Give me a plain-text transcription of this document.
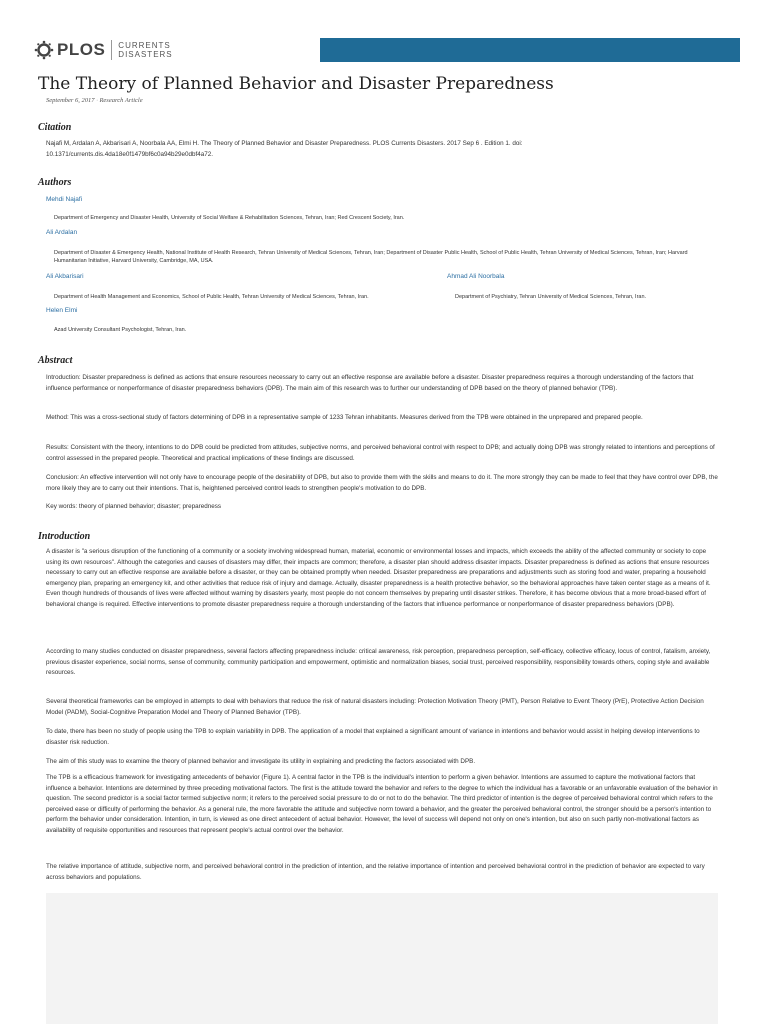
PLOS CURRENTS
DISASTERS
The Theory of Planned Behavior and Disaster Preparedness
September 6, 2017 · Research Article
Citation
Najafi M, Ardalan A, Akbarisari A, Noorbala AA, Elmi H. The Theory of Planned Behavior and Disaster Preparedness. PLOS Currents Disasters. 2017 Sep 6 . Edition 1. doi:
10.1371/currents.dis.4da18e0f1479bf6c0a94b29e0dbf4a72.
Authors
Mehdi Najafi
Department of Emergency and Disaster Health, University of Social Welfare & Rehabilitation Sciences, Tehran, Iran; Red Crescent Society, Iran.
Ali Ardalan
Department of Disaster & Emergency Health, National Institute of Health Research, Tehran University of Medical Sciences, Tehran, Iran; Department of Disaster Public Health, School of Public Health, Tehran University of Medical Sciences, Tehran, Iran; Harvard Humanitarian Initiative, Harvard University, Cambridge, MA, USA.
Ali Akbarisari
Department of Health Management and Economics, School of Public Health, Tehran University of Medical Sciences, Tehran, Iran.
Ahmad Ali Noorbala
Department of Psychiatry, Tehran University of Medical Sciences, Tehran, Iran.
Helen Elmi
Azad University Consultant Psychologist, Tehran, Iran.
Abstract

Introduction: Disaster preparedness is defined as actions that ensure resources necessary to carry out an effective response are available before a disaster. Disaster preparedness requires a thorough understanding of the factors that influence performance or nonperformance of disaster preparedness behaviors (DPB). The main aim of this research was to further our understanding of DPB based on the theory of planned behavior (TPB).

Method: This was a cross-sectional study of factors determining of DPB in a representative sample of 1233 Tehran inhabitants. Measures derived from the TPB were obtained in the unprepared and prepared people.

Results: Consistent with the theory, intentions to do DPB could be predicted from attitudes, subjective norms, and perceived behavioral control with respect to DPB; and actually doing DPB was strongly related to intentions and perceptions of control assessed in the prepared people. Theoretical and practical implications of these findings are discussed.

Conclusion: An effective intervention will not only have to encourage people of the desirability of DPB, but also to provide them with the skills and means to do it. The more strongly they can be made to feel that they have control over DPB, the more likely they are to carry out their intentions. That is, heightened perceived control leads to strengthen people's motivation to do DPB.

Key words: theory of planned behavior; disaster; preparedness

Introduction

A disaster is "a serious disruption of the functioning of a community or a society involving widespread human, material, economic or environmental losses and impacts, which exceeds the ability of the affected community or society to cope using its own resources". Although the categories and causes of disasters may differ, their impacts are common; therefore, a disaster plan should address disaster impacts. Disaster preparedness is defined as actions that ensure resources necessary to carry out an effective response are available before a disaster, or they can be obtained promptly when needed. Disaster preparedness are preparations and adjustments such as storing food and water, preparing a household emergency plan, preparing an emergency kit, and other activities that reduce risk of injury and damage. Actually, disaster preparedness is a health protective behavior, so the behavioral approaches have taken center stage as a means of it. Even though hundreds of thousands of lives were affected without warning by disasters yearly, most people do not concern themselves by preparing until disaster strikes. Therefore, it has become obvious that a more broad-based effort of behavioral change is required. Effective interventions to promote disaster preparedness require a thorough understanding of the factors that influence performance or nonperformance of disaster preparedness behaviors (DPB).

According to many studies conducted on disaster preparedness, several factors affecting preparedness include: critical awareness, risk perception, preparedness perception, self-efficacy, collective efficacy, locus of control, fatalism, anxiety, previous disaster experience, social norms, sense of community, community participation and empowerment, optimistic and normalization biases, social trust, perceived responsibility, responsibility towards others, coping style and available resources.

Several theoretical frameworks can be employed in attempts to deal with behaviors that reduce the risk of natural disasters including: Protection Motivation Theory (PMT), Person Relative to Event Theory (PrE), Protective Action Decision Model (PADM), Social-Cognitive Preparation Model and Theory of Planned Behavior (TPB).

To date, there has been no study of people using the TPB to explain variability in DPB. The application of a model that explained a significant amount of variance in intentions and behavior would assist in helping develop interventions to disaster risk reduction.

The aim of this study was to examine the theory of planned behavior and investigate its utility in explaining and predicting the factors associated with DPB.

The TPB is a efficacious framework for investigating antecedents of behavior (Figure 1). A central factor in the TPB is the individual's intention to perform a given behavior. Intentions are assumed to capture the motivational factors that influence a behavior. Intentions are determined by three preceding motivational factors. The first is the attitude toward the behavior and refers to the degree to which the individual has a favorable or an unfavorable evaluation of the behavior in question. The second predictor is a social factor termed subjective norm; it refers to the perceived social pressure to do or not to do the behavior. The third predictor of intention is the degree of perceived behavioral control which refers to the perceived ease or difficulty of performing the behavior. As a general rule, the more favorable the attitude and subjective norm toward a behavior, and the greater the perceived behavioral control, the stronger should be a person's intention to perform the behavior under consideration. Intention, in turn, is viewed as one direct antecedent of actual behavior. However, the level of success will depend not only on one's intention, but also on such partly non-motivational factors as availability of requisite opportunities and resources that represent people's actual control over the behavior.

The relative importance of attitude, subjective norm, and perceived behavioral control in the prediction of intention, and the relative importance of intention and perceived behavioral control in the prediction of behavior are expected to vary across behaviors and populations.
